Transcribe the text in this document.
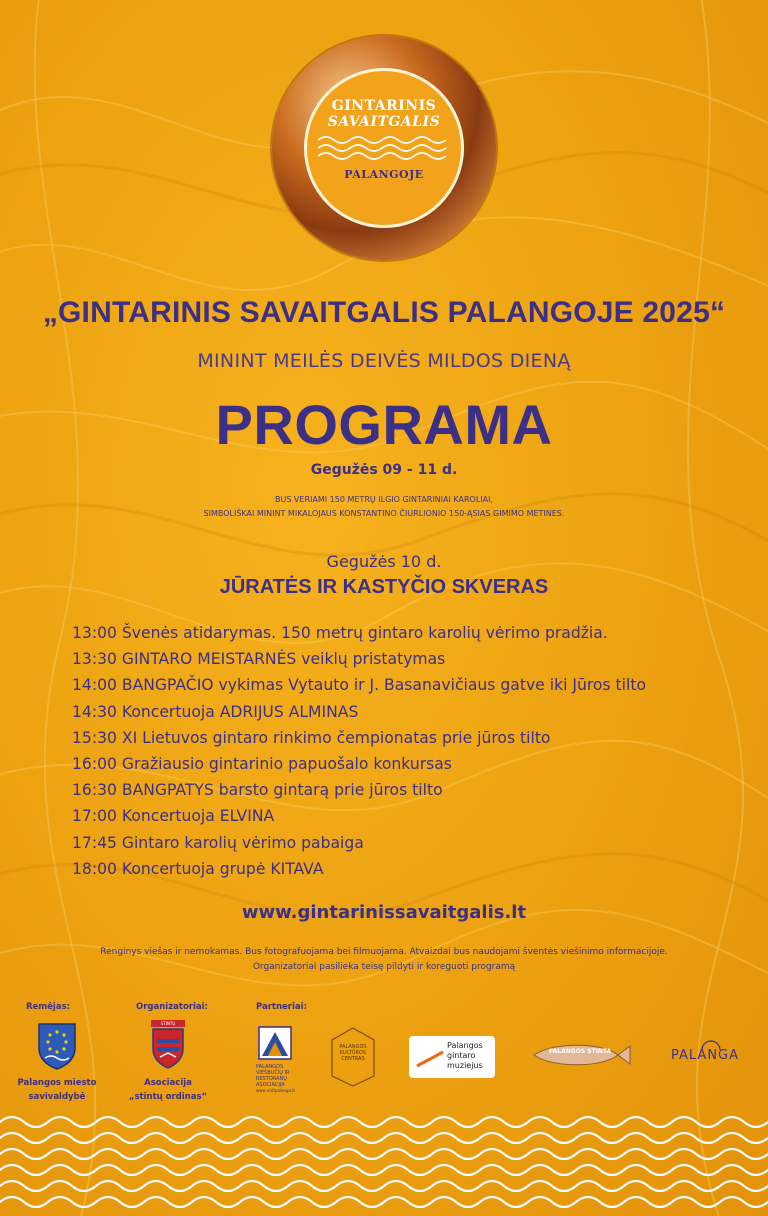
GINTARINIS
SAVAITGALIS
PALANGOJE
„GINTARINIS SAVAITGALIS PALANGOJE 2025“
MININT MEILĖS DEIVĖS MILDOS DIENĄ
PROGRAMA
Gegužės 09 - 11 d.
BUS VERIAMI 150 METRŲ ILGIO GINTARINIAI KAROLIAI,
SIMBOLIŠKAI MININT MIKALOJAUS KONSTANTINO ČIURLIONIO 150-ĄSIAS GIMIMO METINES.
Gegužės 10 d.
JŪRATĖS IR KASTYČIO SKVERAS
13:00 Švenės atidarymas. 150 metrų gintaro karolių vėrimo pradžia.
13:30 GINTARO MEISTARNĖS veiklų pristatymas
14:00 BANGPAČIO vykimas Vytauto ir J. Basanavičiaus gatve iki Jūros tilto
14:30 Koncertuoja ADRIJUS ALMINAS
15:30 XI Lietuvos gintaro rinkimo čempionatas prie jūros tilto
16:00 Gražiausio gintarinio papuošalo konkursas
16:30 BANGPATYS barsto gintarą prie jūros tilto
17:00 Koncertuoja ELVINA
17:45 Gintaro karolių vėrimo pabaiga
18:00 Koncertuoja grupė KITAVA
www.gintarinissavaitgalis.lt
Renginys viešas ir nemokamas. Bus fotografuojama bei filmuojama. Atvaizdai bus naudojami šventės viešinimo informacijoje.
Organizatoriai pasilieka teisę pildyti ir koreguoti programą
Remėjas:	Organizatoriai:	Partneriai:
Palangos miesto
savivaldybė
STINTŲ
Asociacija
„stintų ordinas“
PALANGOS VIEŠBUČIŲ IR RESTORANŲ ASOCIACIJA
www.visitpalanga.lt
PALANGOS KULTŪROS CENTRAS
Palangos
gintaro
muziejus
PALANGOS STINTA	PALANGA
